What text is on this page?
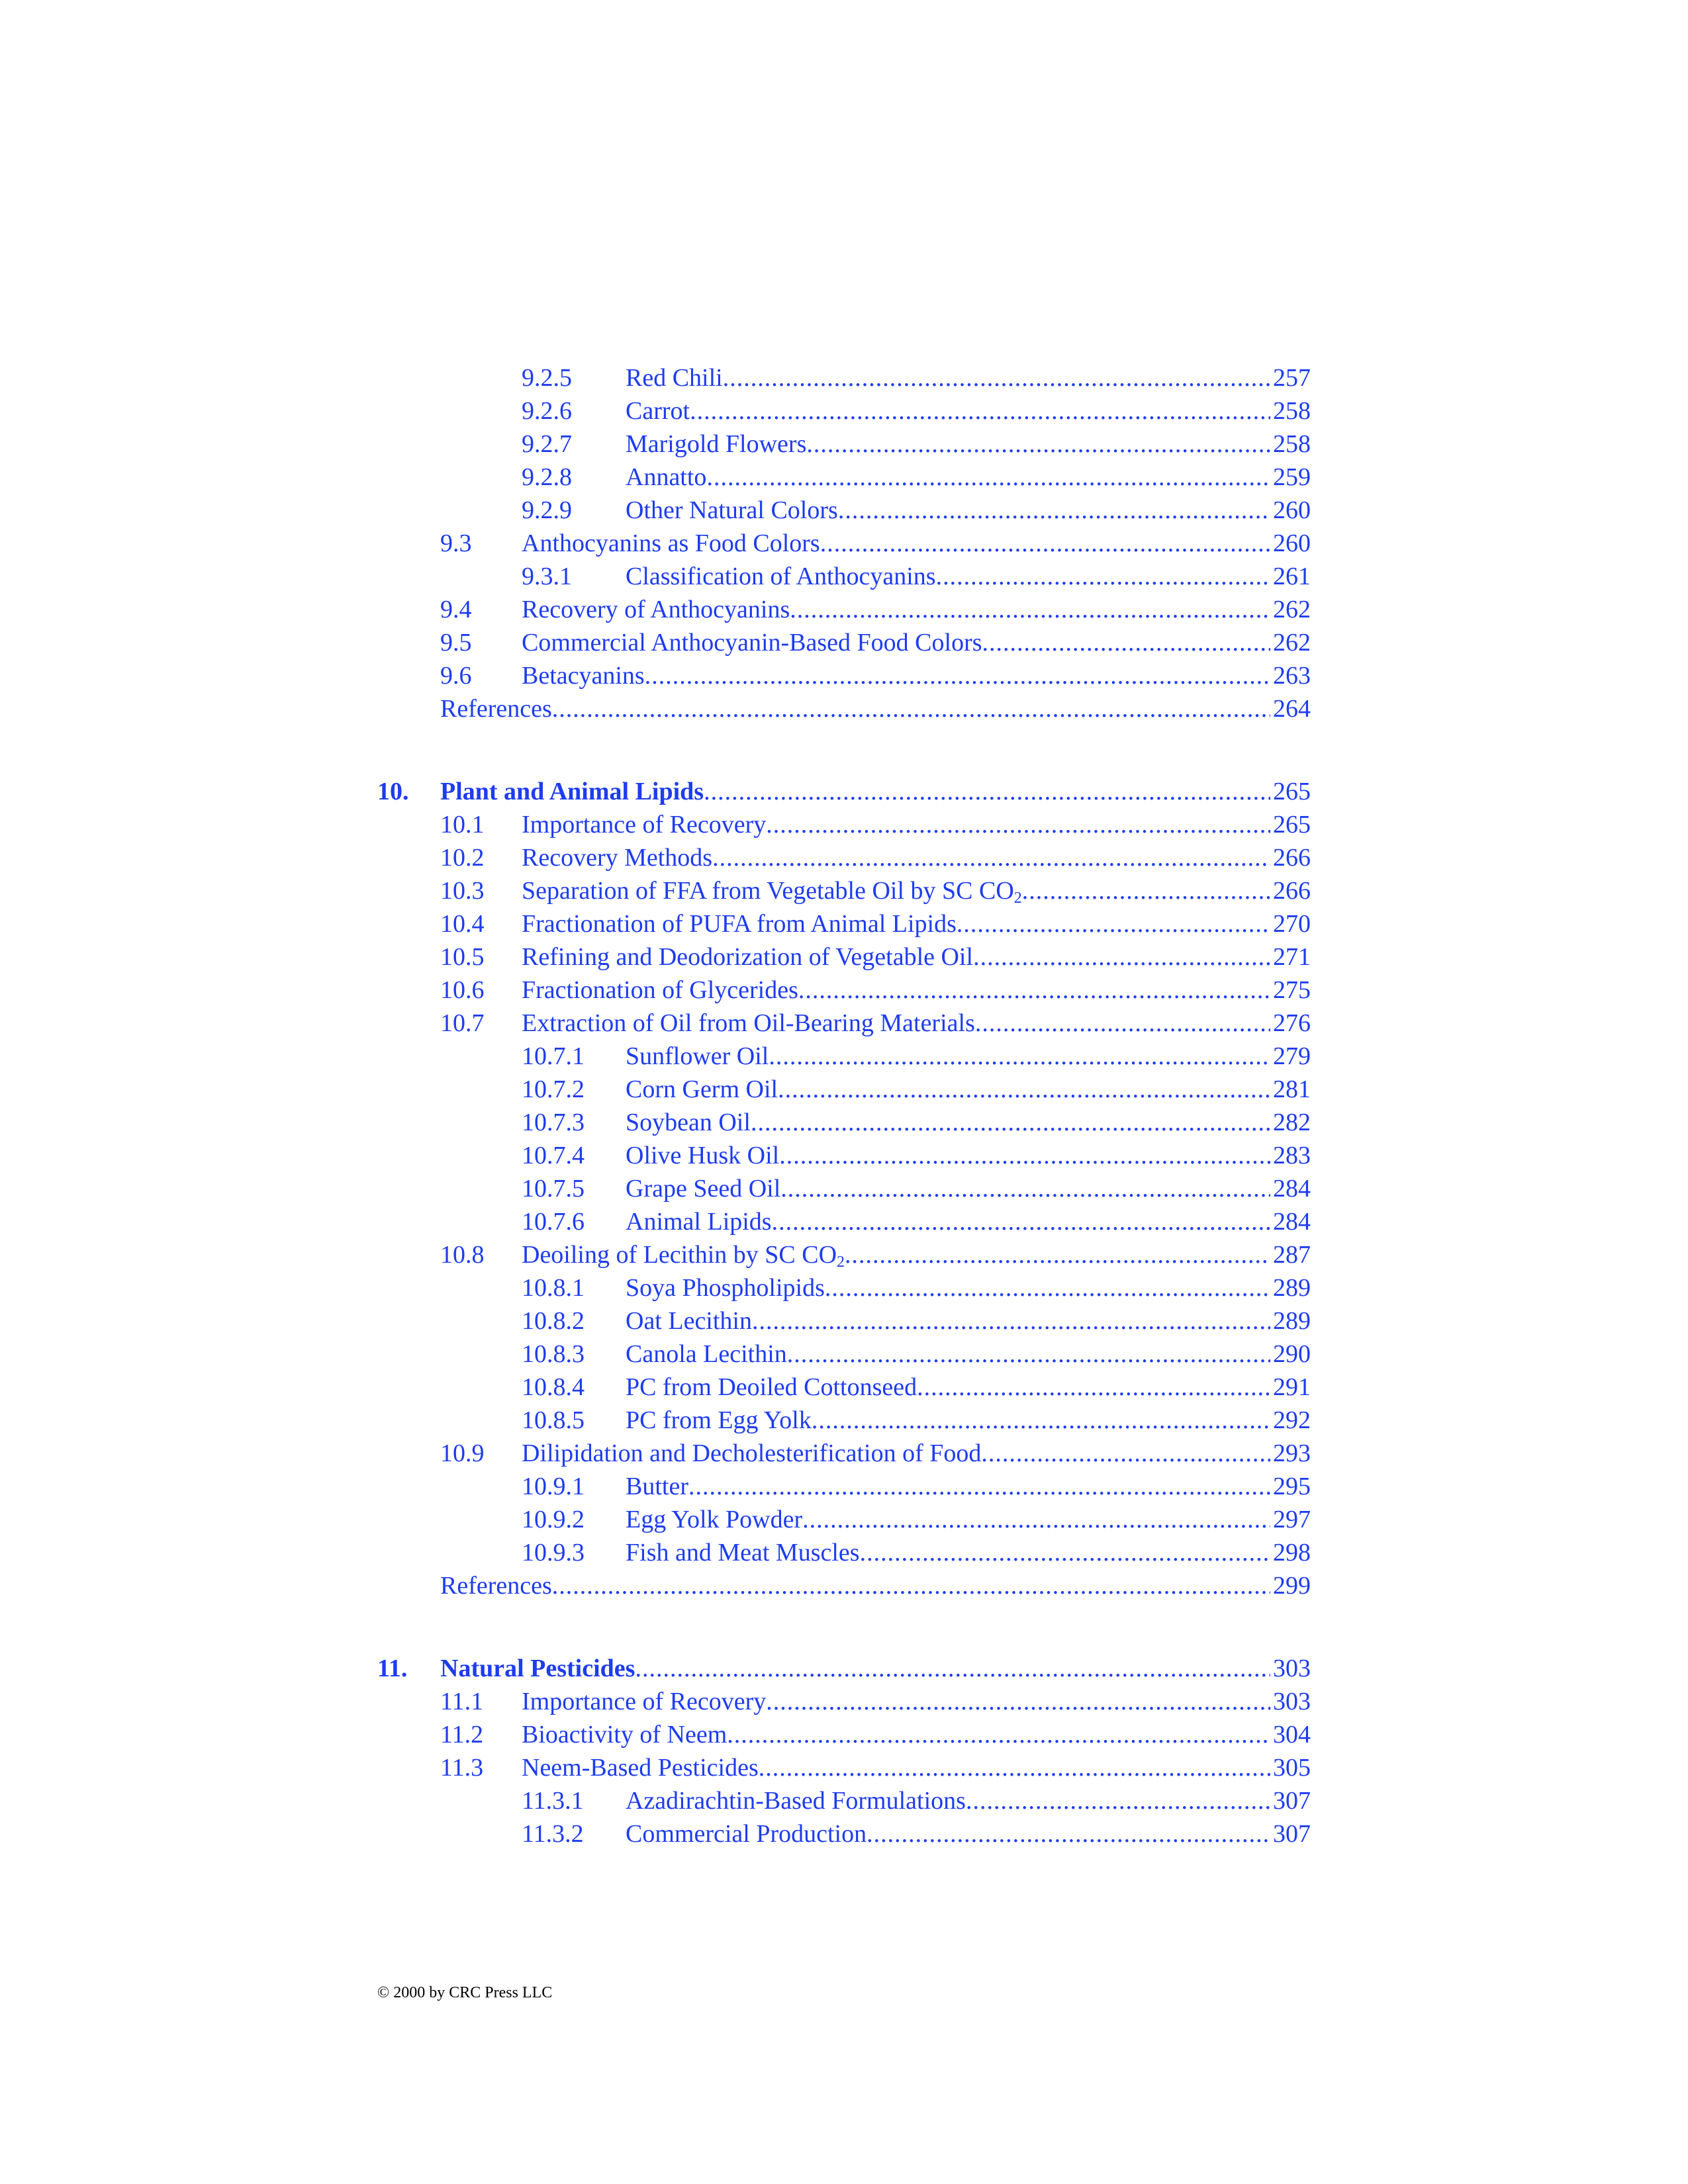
9.2.5 Red Chili .....	257
9.2.6 Carrot .....	258
9.2.7 Marigold Flowers .....	258
9.2.8 Annatto .....	259
9.2.9 Other Natural Colors .....	260
9.3 Anthocyanins as Food Colors .....	260
9.3.1 Classification of Anthocyanins .....	261
9.4 Recovery of Anthocyanins .....	262
9.5 Commercial Anthocyanin-Based Food Colors .....	262
9.6 Betacyanins .....	263
References .....	264
10. Plant and Animal Lipids .....	265
10.1 Importance of Recovery .....	265
10.2 Recovery Methods .....	266
10.3 Separation of FFA from Vegetable Oil by SC $CO_2$ .....	266
10.4 Fractionation of PUFA from Animal Lipids .....	270
10.5 Refining and Deodorization of Vegetable Oil .....	271
10.6 Fractionation of Glycerides .....	275
10.7 Extraction of Oil from Oil-Bearing Materials .....	276
10.7.1 Sunflower Oil .....	279
10.7.2 Corn Germ Oil .....	281
10.7.3 Soybean Oil .....	282
10.7.4 Olive Husk Oil .....	283
10.7.5 Grape Seed Oil .....	284
10.7.6 Animal Lipids .....	284
10.8 Deoiling of Lecithin by SC $CO_2$ .....	287
10.8.1 Soya Phospholipids .....	289
10.8.2 Oat Lecithin .....	289
10.8.3 Canola Lecithin .....	290
10.8.4 PC from Deoiled Cottonseed .....	291
10.8.5 PC from Egg Yolk .....	292
10.9 Dilipidation and Decholesterification of Food .....	293
10.9.1 Butter .....	295
10.9.2 Egg Yolk Powder .....	297
10.9.3 Fish and Meat Muscles .....	298
References .....	299
11. Natural Pesticides .....	303
11.1 Importance of Recovery .....	303
11.2 Bioactivity of Neem .....	304
11.3 Neem-Based Pesticides .....	305
11.3.1 Azadirachtin-Based Formulations .....	307
11.3.2 Commercial Production .....	307
© 2000 by CRC Press LLC
